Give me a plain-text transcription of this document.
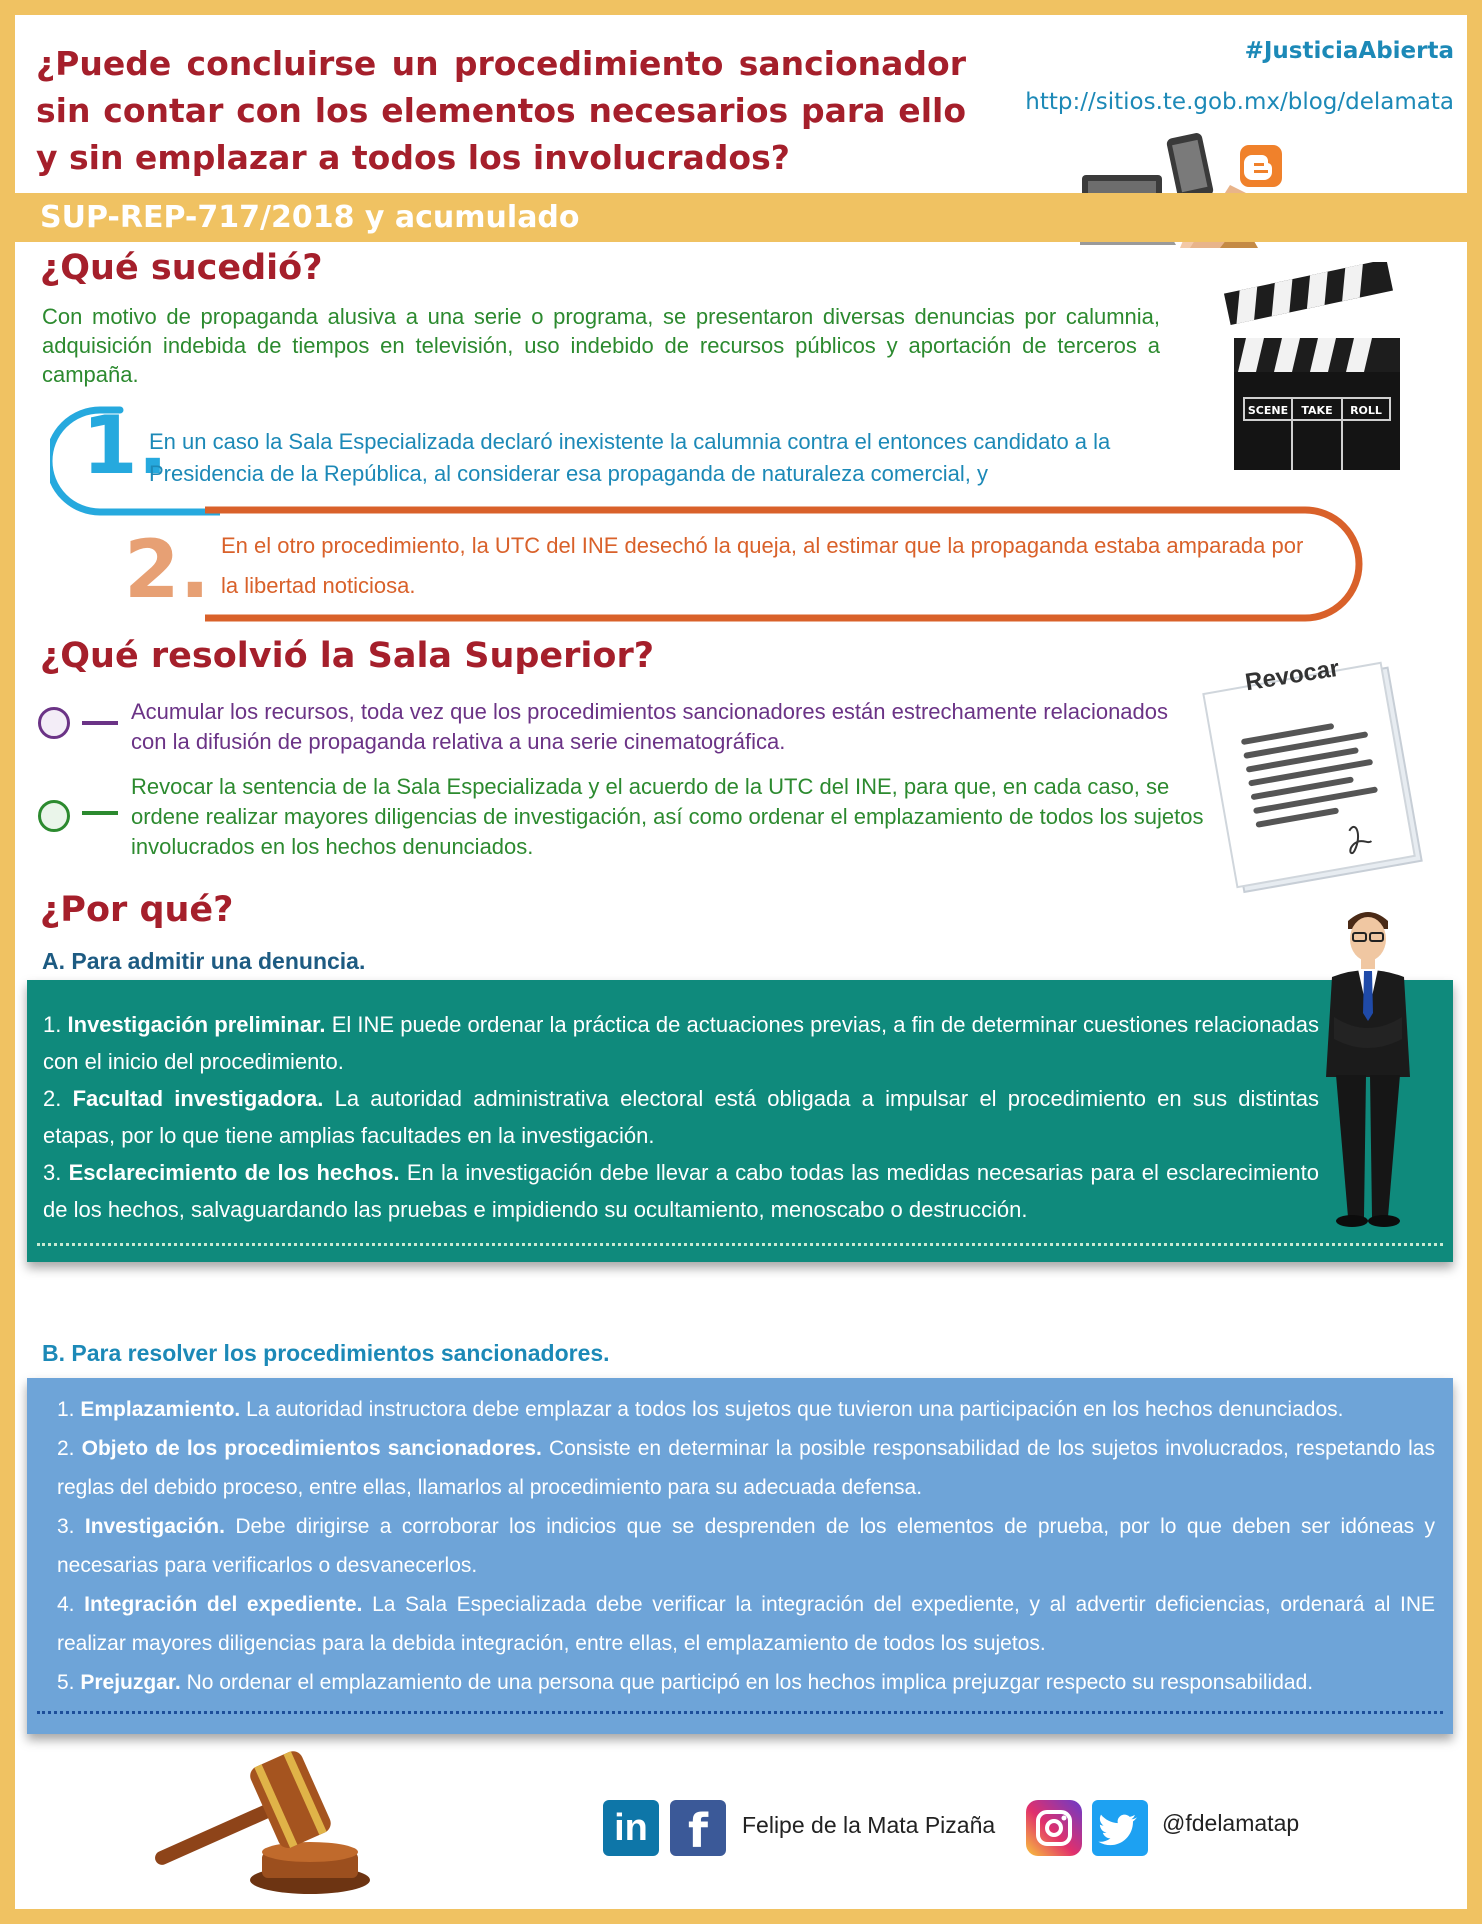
¿Puede concluirse un procedimiento sancionador sin contar con los elementos necesarios para ello y sin emplazar a todos los involucrados?
#JusticiaAbierta
http://sitios.te.gob.mx/blog/delamata
SUP-REP-717/2018 y acumulado
¿Qué sucedió?
Con motivo de propaganda alusiva a una serie o programa, se presentaron diversas denuncias por calumnia, adquisición indebida de tiempos en televisión, uso indebido de recursos públicos y aportación de terceros a campaña.
SCENE TAKE ROLL
1.
En un caso la Sala Especializada declaró inexistente la calumnia contra el entonces candidato a la Presidencia de la República, al considerar esa propaganda de naturaleza comercial, y
2. En el otro procedimiento, la UTC del INE desechó la queja, al estimar que la propaganda estaba amparada por la libertad noticiosa.
¿Qué resolvió la Sala Superior?
Acumular los recursos, toda vez que los procedimientos sancionadores están estrechamente relacionados con la difusión de propaganda relativa a una serie cinematográfica.
Revocar la sentencia de la Sala Especializada y el acuerdo de la UTC del INE, para que, en cada caso, se ordene realizar mayores diligencias de investigación, así como ordenar el emplazamiento de todos los sujetos involucrados en los hechos denunciados.
Revocar
¿Por qué?
A. Para admitir una denuncia.
1. Investigación preliminar. El INE puede ordenar la práctica de actuaciones previas, a fin de determinar cuestiones relacionadas con el inicio del procedimiento.
2. Facultad investigadora. La autoridad administrativa electoral está obligada a impulsar el procedimiento en sus distintas etapas, por lo que tiene amplias facultades en la investigación.
3. Esclarecimiento de los hechos. En la investigación debe llevar a cabo todas las medidas necesarias para el esclarecimiento de los hechos, salvaguardando las pruebas e impidiendo su ocultamiento, menoscabo o destrucción.
B. Para resolver los procedimientos sancionadores.
1. Emplazamiento. La autoridad instructora debe emplazar a todos los sujetos que tuvieron una participación en los hechos denunciados.
2. Objeto de los procedimientos sancionadores. Consiste en determinar la posible responsabilidad de los sujetos involucrados, respetando las reglas del debido proceso, entre ellas, llamarlos al procedimiento para su adecuada defensa.
3. Investigación. Debe dirigirse a corroborar los indicios que se desprenden de los elementos de prueba, por lo que deben ser idóneas y necesarias para verificarlos o desvanecerlos.
4. Integración del expediente. La Sala Especializada debe verificar la integración del expediente, y al advertir deficiencias, ordenará al INE realizar mayores diligencias para la debida integración, entre ellas, el emplazamiento de todos los sujetos.
5. Prejuzgar. No ordenar el emplazamiento de una persona que participó en los hechos implica prejuzgar respecto su responsabilidad.
in f	Felipe de la Mata Pizaña	@fdelamatap
